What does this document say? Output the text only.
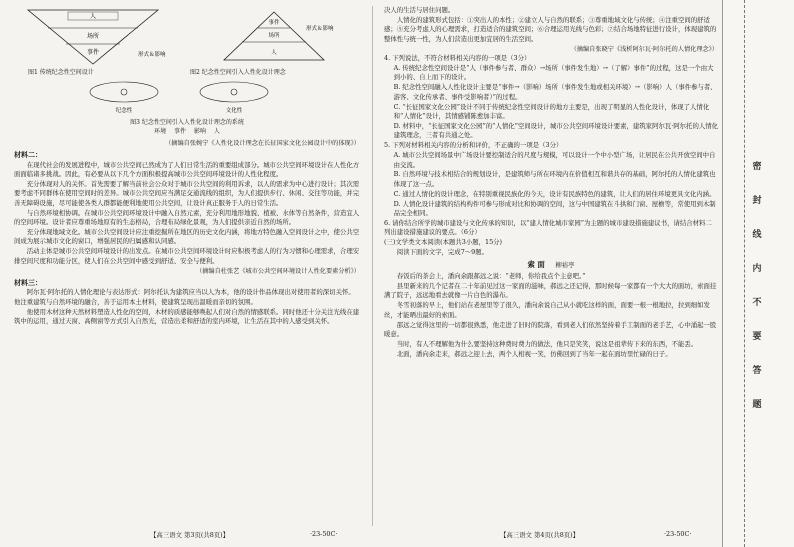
人
场所
事件	形式＆影响
图1 传统纪念性空间设计
事件
场所
人
形式＆影响
图2 纪念性空间引入人性化设计理念
纪念性	文化性
图3 纪念性空间引入人性化设计理念的系统
环境　 事件　 影响　 人
（摘编自张婉宁《人性化设计理念在长征国家文化公园设计中的体现》）
材料二：

在现代社会的发展进程中，城市公共空间已然成为了人们日常生活的重要组成部分。城市公共空间环境设计在人性化方面面临诸多挑战。因此，有必要从以下几个方面积极提高城市公共空间环境设计的人性化程度。

充分体现对人的关怀。首先需要了解当前社会公众对于城市公共空间的利用诉求，以人的需求为中心进行设计；其次需要考虑不同群体在使用空间时的差异。城市公共空间应当满足交通流线的组织，为人们提供步行、休闲、交往等功能，并完善无障碍设施，尽可能使各类人群都能便利地使用公共空间，让设计真正服务于人的日常生活。

与自然环境相协调。在城市公共空间环境设计中融入自然元素，充分利用地形地貌、植被、水体等自然条件，营造宜人的空间环境。设计者应尊重场地原有的生态格局，合理布局绿化景观，为人们提供亲近自然的场所。

充分体现地域文化。城市公共空间设计应注重挖掘所在地区的历史文化内涵，将地方特色融入空间设计之中，使公共空间成为展示城市文化的窗口，增强居民的归属感和认同感。

活动主体是城市公共空间环境设计的出发点。在城市公共空间环境设计时应积极考虑人的行为习惯和心理需求，合理安排空间尺度和功能分区，使人们在公共空间中感受到舒适、安全与便利。

（摘编自杜张艺《城市公共空间环境设计人性化要素分析》）
材料三：

阿尔瓦·阿尔托的人情化理论与表达形式：阿尔托认为建筑应当以人为本，他的设计作品体现出对使用者的深切关怀。他注重建筑与自然环境的融合，善于运用本土材料，使建筑呈现出温暖而亲切的氛围。

他使用木材这种天然材料塑造人性化的空间，木材的质感能够唤起人们对自然的情感联系。同时他还十分关注光线在建筑中的运用，通过天窗、高侧窗等方式引入自然光，营造出柔和舒适的室内环境，让生活在其中的人感受到关怀。

【高三语文 第3页(共8页)】	·23-50C·

决人的生活与居住问题。

人情化的建筑形式包括：①突出人的本性；②建立人与自然的联系；③尊重地域文化与传统；④注重空间的舒适感；⑤充分考虑人的心理需求，打造适合的建筑空间；⑥合理运用光线与色彩；⑦结合场地特征进行设计，体现建筑的整体性与统一性，为人们营造出更加宜居的生活空间。

（摘编自张晓宁《浅析阿尔瓦·阿尔托的人情化理念》）

4. 下列说法，不符合材料相关内容的一项是（3分）

A. 传统纪念性空间设计是“人（事件参与者、群众）→场所（事件发生地）→（了解）事件”的过程，这是一个由大到小的、自上而下的设计。

B. 纪念性空间融入人性化设计主要是“事件→（影响）场所（事件发生地或相关环境）→（影响）人（事件参与者、游客、文化传承者、事件受影响者）”的过程。

C. “长征国家文化公园”设计不同于传统纪念性空间设计的地方主要是，出现了明显的人性化设计，体现了人情化和“人情化”设计，其情感铺陈愈加丰富。

D. 材料中，“长征国家文化公园”的“人情化”空间设计，城市公共空间环境设计要素，建筑家阿尔瓦·阿尔托的人情化建筑理念，三者有共通之处。

5. 下列对材料相关内容的分析和评价，不正确的一项是（3分）

A. 城市公共空间场景中广场设计要控制适合的尺度与规模，可以设计一个中小型广场，让居民在公共开放空间中自由交流。

B. 自然环境与技术相结合的规划设计，是建筑师与所在环境内在价值相互和谐共存的基础，阿尔托的人情化建筑也体现了这一点。

C. 通过人情化的设计理念，在特别重视民族化的今天，设计有民族特色的建筑，让人们的居住环境更具文化内涵。

D. 人情化设计建筑的结构构件可参与形成对比和协调的空间，这与中国建筑在斗拱和门窗、屋檐等，常使用到木制品完全相同。

6. 请你结合所学的城市建设与文化传承的知识，以“建人情化城市家园”为主题的城市建设措施建议书，请结合材料二列出建设措施建议的要点。（6分）

(三)文学类文本阅读(本题共3小题，15分)

阅读下面的文字，完成7～9题。

索 面 柳裕亭

春饭后的茶会上，潘向余跟郝远之说：“老师，你给我点个主意吧。”

县里新来的几个记者在二十年前见过这一家面的滋味，郝远之还记得，那时候每一家都有一个大大的面坊，索面挂满了院子，远远地看去就像一片白色的瀑布。

冬雪初落的早上，他们站在老屋里等了很久，潘向余说自己从小就吃这样的面，面要一根一根地拉，拉到细如发丝，才能晒出最好的索面。

邵远之觉得这里的一切都很熟悉，他走进了旧时的院落，看到老人们依然坚持着手工制面的老手艺，心中涌起一股暖意。

当时，有人不理解他为什么要坚持这种费时费力的做法，他只是笑笑，说这是祖辈传下来的东西，不能丢。

北面，潘向余走来，郝远之迎上去，两个人相视一笑，仿佛回到了当年一起在面坊里忙碌的日子。

【高三语文 第4页(共8页)】	·23-50C·
密
封
线
内
不
要
答
题
